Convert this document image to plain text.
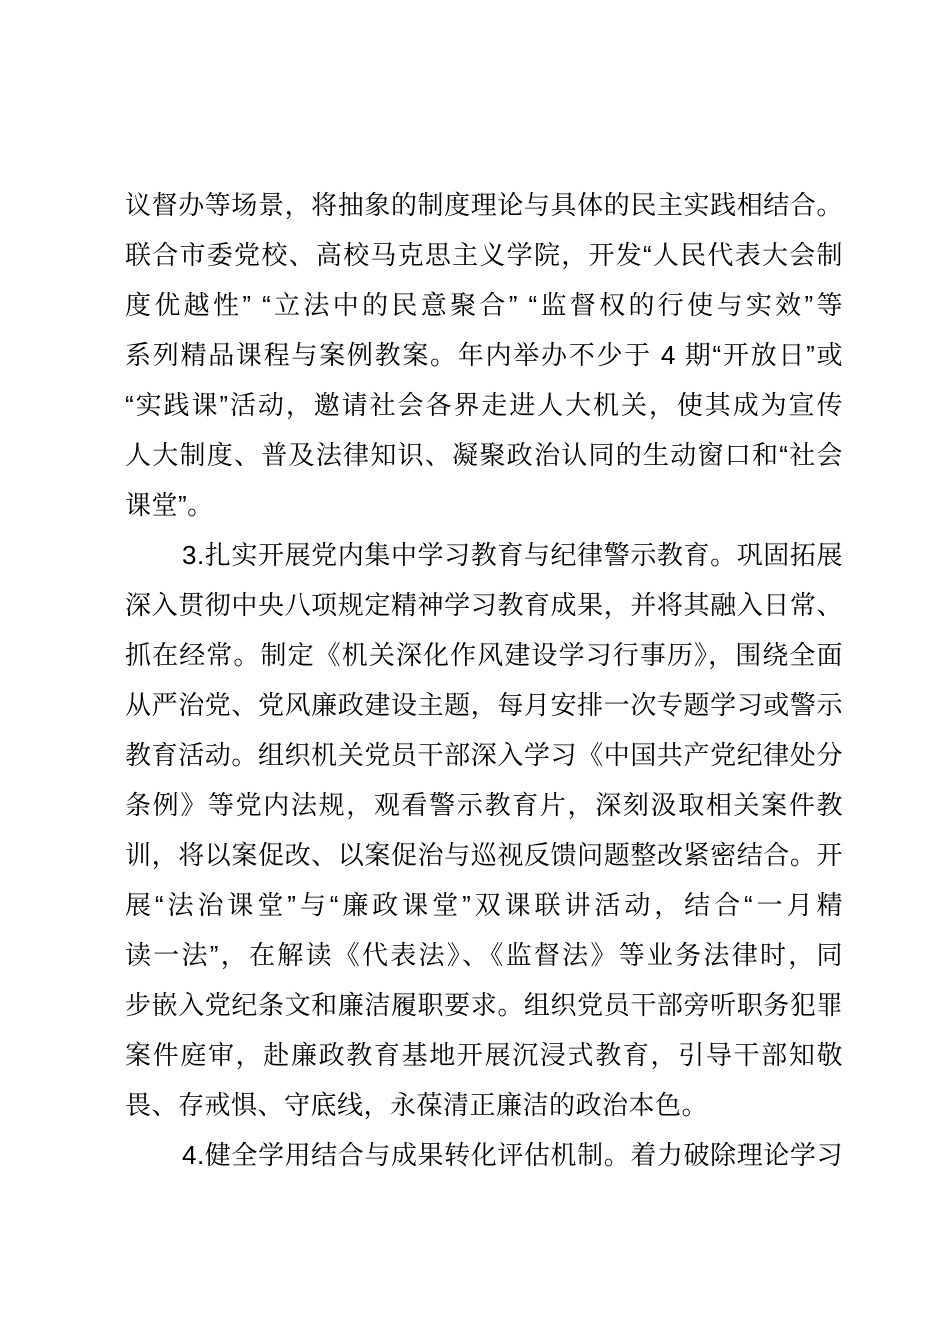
议督办等场景，将抽象的制度理论与具体的民主实践相结合。
联合市委党校、高校马克思主义学院，开发“人民代表大会制
度优越性” “立法中的民意聚合” “监督权的行使与实效”等
系列精品课程与案例教案。年内举办不少于 4 期“开放日”或
“实践课”活动，邀请社会各界走进人大机关，使其成为宣传
人大制度、普及法律知识、凝聚政治认同的生动窗口和“社会
课堂”。
3.扎实开展党内集中学习教育与纪律警示教育。巩固拓展
深入贯彻中央八项规定精神学习教育成果，并将其融入日常、
抓在经常。制定《机关深化作风建设学习行事历》，围绕全面
从严治党、党风廉政建设主题，每月安排一次专题学习或警示
教育活动。组织机关党员干部深入学习《中国共产党纪律处分
条例》等党内法规，观看警示教育片，深刻汲取相关案件教
训，将以案促改、以案促治与巡视反馈问题整改紧密结合。开
展“法治课堂”与“廉政课堂”双课联讲活动，结合“一月精
读一法”，在解读《代表法》、《监督法》等业务法律时，同
步嵌入党纪条文和廉洁履职要求。组织党员干部旁听职务犯罪
案件庭审，赴廉政教育基地开展沉浸式教育，引导干部知敬
畏、存戒惧、守底线，永葆清正廉洁的政治本色。
4.健全学用结合与成果转化评估机制。着力破除理论学习
